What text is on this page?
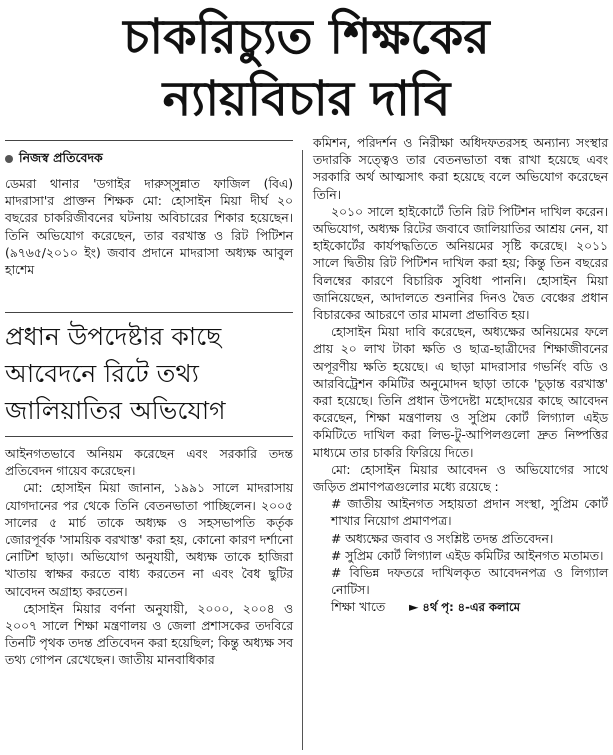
চাকরিচ্যুত শিক্ষকের
ন্যায়বিচার দাবি
নিজস্ব প্রতিবেদক

ডেমরা থানার 'ডগাইর দারুস্সুন্নাত ফাজিল (বিএ) মাদরাসা'র প্রাক্তন শিক্ষক মো: হোসাইন মিয়া দীর্ঘ ২০ বছরের চাকরিজীবনের ঘটনায় অবিচারের শিকার হয়েছেন। তিনি অভিযোগ করেছেন, তার বরখাস্ত ও রিট পিটিশন (৯৭৬৫/২০১০ ইং) জবাব প্রদানে মাদরাসা অধ্যক্ষ আবুল হাশেম

প্রধান উপদেষ্টার কাছে
আবেদনে রিটে তথ্য
জালিয়াতির অভিযোগ

আইনগতভাবে অনিয়ম করেছেন এবং সরকারি তদন্ত প্রতিবেদন গায়েব করেছেন।

মো: হোসাইন মিয়া জানান, ১৯৯১ সালে মাদরাসায় যোগদানের পর থেকে তিনি বেতনভাতা পাচ্ছিলেন। ২০০৫ সালের ৫ মার্চ তাকে অধ্যক্ষ ও সহসভাপতি কর্তৃক জোরপূর্বক 'সাময়িক বরখাস্ত' করা হয়, কোনো কারণ দর্শানো নোটিশ ছাড়া। অভিযোগ অনুযায়ী, অধ্যক্ষ তাকে হাজিরা খাতায় স্বাক্ষর করতে বাধ্য করতেন না এবং বৈধ ছুটির আবেদন অগ্রাহ্য করতেন।

হোসাইন মিয়ার বর্ণনা অনুযায়ী, ২০০০, ২০০৪ ও ২০০৭ সালে শিক্ষা মন্ত্রণালয় ও জেলা প্রশাসকের তদবিরে তিনটি পৃথক তদন্ত প্রতিবেদন করা হয়েছিল; কিন্তু অধ্যক্ষ সব তথ্য গোপন রেখেছেন। জাতীয় মানবাধিকার

কমিশন, পরিদর্শন ও নিরীক্ষা অধিদফতরসহ অন্যান্য সংস্থার তদারকি সত্ত্বেও তার বেতনভাতা বন্ধ রাখা হয়েছে এবং সরকারি অর্থ আত্মসাৎ করা হয়েছে বলে অভিযোগ করেছেন তিনি।

২০১০ সালে হাইকোর্টে তিনি রিট পিটিশন দাখিল করেন। অভিযোগ, অধ্যক্ষ রিটের জবাবে জালিয়াতির আশ্রয় নেন, যা হাইকোর্টের কার্যপদ্ধতিতে অনিয়মের সৃষ্টি করেছে। ২০১১ সালে দ্বিতীয় রিট পিটিশন দাখিল করা হয়; কিন্তু তিন বছরের বিলম্বের কারণে বিচারিক সুবিধা পাননি। হোসাইন মিয়া জানিয়েছেন, আদালতে শুনানির দিনও দ্বৈত বেঞ্চের প্রধান বিচারকের আচরণে তার মামলা প্রভাবিত হয়।

হোসাইন মিয়া দাবি করেছেন, অধ্যক্ষের অনিয়মের ফলে প্রায় ২০ লাখ টাকা ক্ষতি ও ছাত্র-ছাত্রীদের শিক্ষাজীবনের অপূরণীয় ক্ষতি হয়েছে। এ ছাড়া মাদরাসার গভর্নিং বডি ও আরবিট্রেশন কমিটির অনুমোদন ছাড়া তাকে 'চূড়ান্ত বরখাস্ত' করা হয়েছে। তিনি প্রধান উপদেষ্টা মহোদয়ের কাছে আবেদন করেছেন, শিক্ষা মন্ত্রণালয় ও সুপ্রিম কোর্ট লিগ্যাল এইড কমিটিতে দাখিল করা লিভ-টু-আপিলগুলো দ্রুত নিষ্পত্তির মাধ্যমে তার চাকরি ফিরিয়ে দিতে।

মো: হোসাইন মিয়ার আবেদন ও অভিযোগের সাথে জড়িত প্রমাণপত্রগুলোর মধ্যে রয়েছে :

# জাতীয় আইনগত সহায়তা প্রদান সংস্থা, সুপ্রিম কোর্ট শাখার নিয়োগ প্রমাণপত্র।

# অধ্যক্ষের জবাব ও সংশ্লিষ্ট তদন্ত প্রতিবেদন।

# সুপ্রিম কোর্ট লিগ্যাল এইড কমিটির আইনগত মতামত।

# বিভিন্ন দফতরে দাখিলকৃত আবেদনপত্র ও লিগ্যাল নোটিস।

শিক্ষা খাতে ► ৪র্থ পৃ: ৪-এর কলামে
